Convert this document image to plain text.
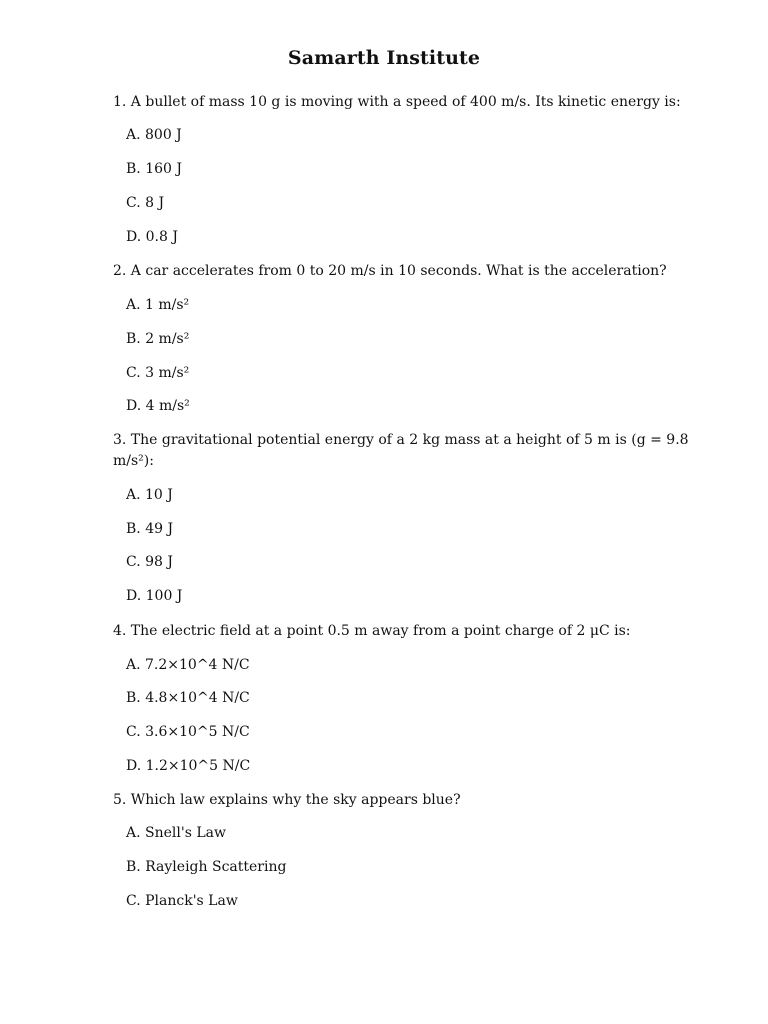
Samarth Institute
1. A bullet of mass 10 g is moving with a speed of 400 m/s. Its kinetic energy is:
A. 800 J
B. 160 J
C. 8 J
D. 0.8 J
2. A car accelerates from 0 to 20 m/s in 10 seconds. What is the acceleration?
A. 1 m/s²
B. 2 m/s²
C. 3 m/s²
D. 4 m/s²
3. The gravitational potential energy of a 2 kg mass at a height of 5 m is (g = 9.8
m/s²):
A. 10 J
B. 49 J
C. 98 J
D. 100 J
4. The electric field at a point 0.5 m away from a point charge of 2 μC is:
A. 7.2×10^4 N/C
B. 4.8×10^4 N/C
C. 3.6×10^5 N/C
D. 1.2×10^5 N/C
5. Which law explains why the sky appears blue?
A. Snell's Law
B. Rayleigh Scattering
C. Planck's Law
